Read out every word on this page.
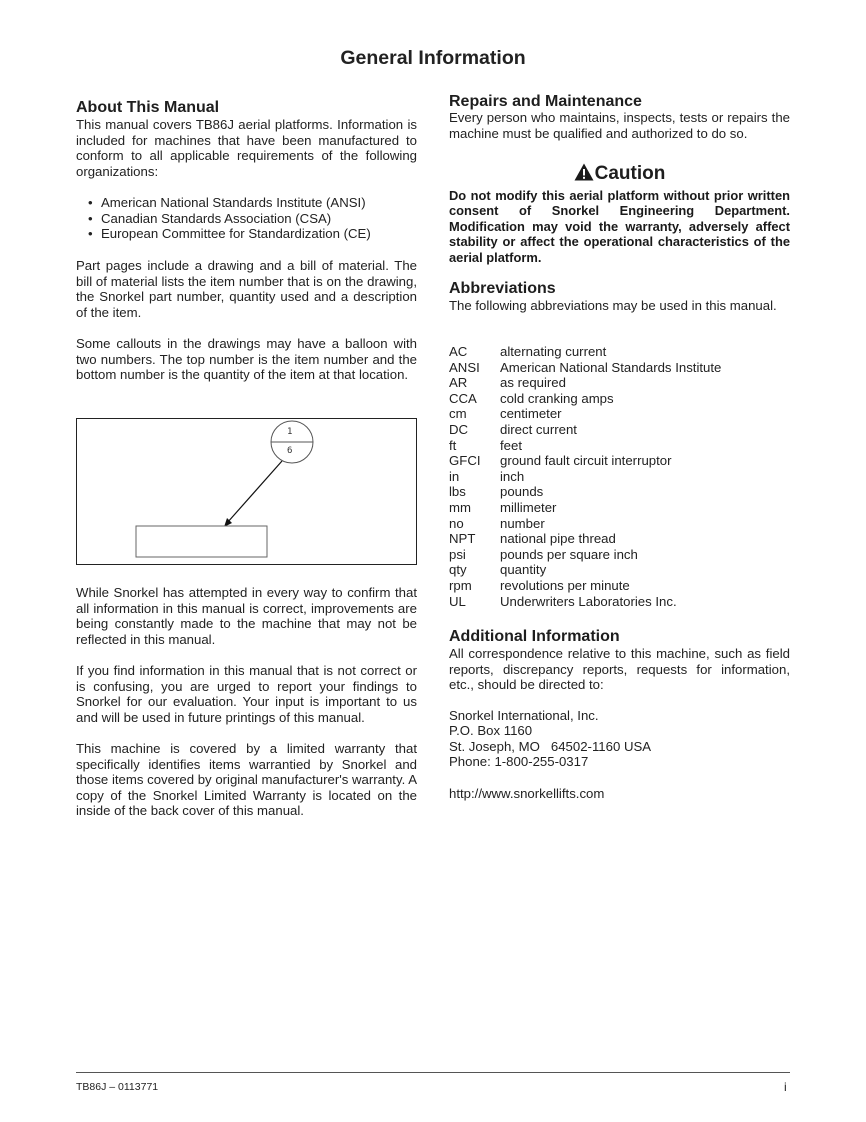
General Information
About This Manual

This manual covers TB86J aerial platforms. Information is included for machines that have been manufactured to conform to all applicable requirements of the following organizations:

• American National Standards Institute (ANSI)
• Canadian Standards Association (CSA)
• European Committee for Standardization (CE)

Part pages include a drawing and a bill of material. The bill of material lists the item number that is on the drawing, the Snorkel part number, quantity used and a description of the item.

Some callouts in the drawings may have a balloon with two numbers. The top number is the item number and the bottom number is the quantity of the item at that location.

1
6

While Snorkel has attempted in every way to confirm that all information in this manual is correct, improvements are being constantly made to the machine that may not be reflected in this manual.

If you find information in this manual that is not correct or is confusing, you are urged to report your findings to Snorkel for our evaluation. Your input is important to us and will be used in future printings of this manual.

This machine is covered by a limited warranty that specifically identifies items warrantied by Snorkel and those items covered by original manufacturer's warranty. A copy of the Snorkel Limited Warranty is located on the inside of the back cover of this manual.

Repairs and Maintenance

Every person who maintains, inspects, tests or repairs the machine must be qualified and authorized to do so.

Caution

Do not modify this aerial platform without prior written consent of Snorkel Engineering Department. Modification may void the warranty, adversely affect stability or affect the operational characteristics of the aerial platform.

Abbreviations

The following abbreviations may be used in this manual.

AC	alternating current
ANSI	American National Standards Institute
AR	as required
CCA	cold cranking amps
cm	centimeter
DC	direct current
ft	feet
GFCI	ground fault circuit interruptor
in	inch
lbs	pounds
mm	millimeter
no	number
NPT	national pipe thread
psi	pounds per square inch
qty	quantity
rpm	revolutions per minute
UL	Underwriters Laboratories Inc.
Additional Information

All correspondence relative to this machine, such as field reports, discrepancy reports, requests for information, etc., should be directed to:

Snorkel International, Inc.
P.O. Box 1160
St. Joseph, MO   64502-1160 USA
Phone: 1-800-255-0317
http://www.snorkellifts.com
TB86J – 0113771	i
